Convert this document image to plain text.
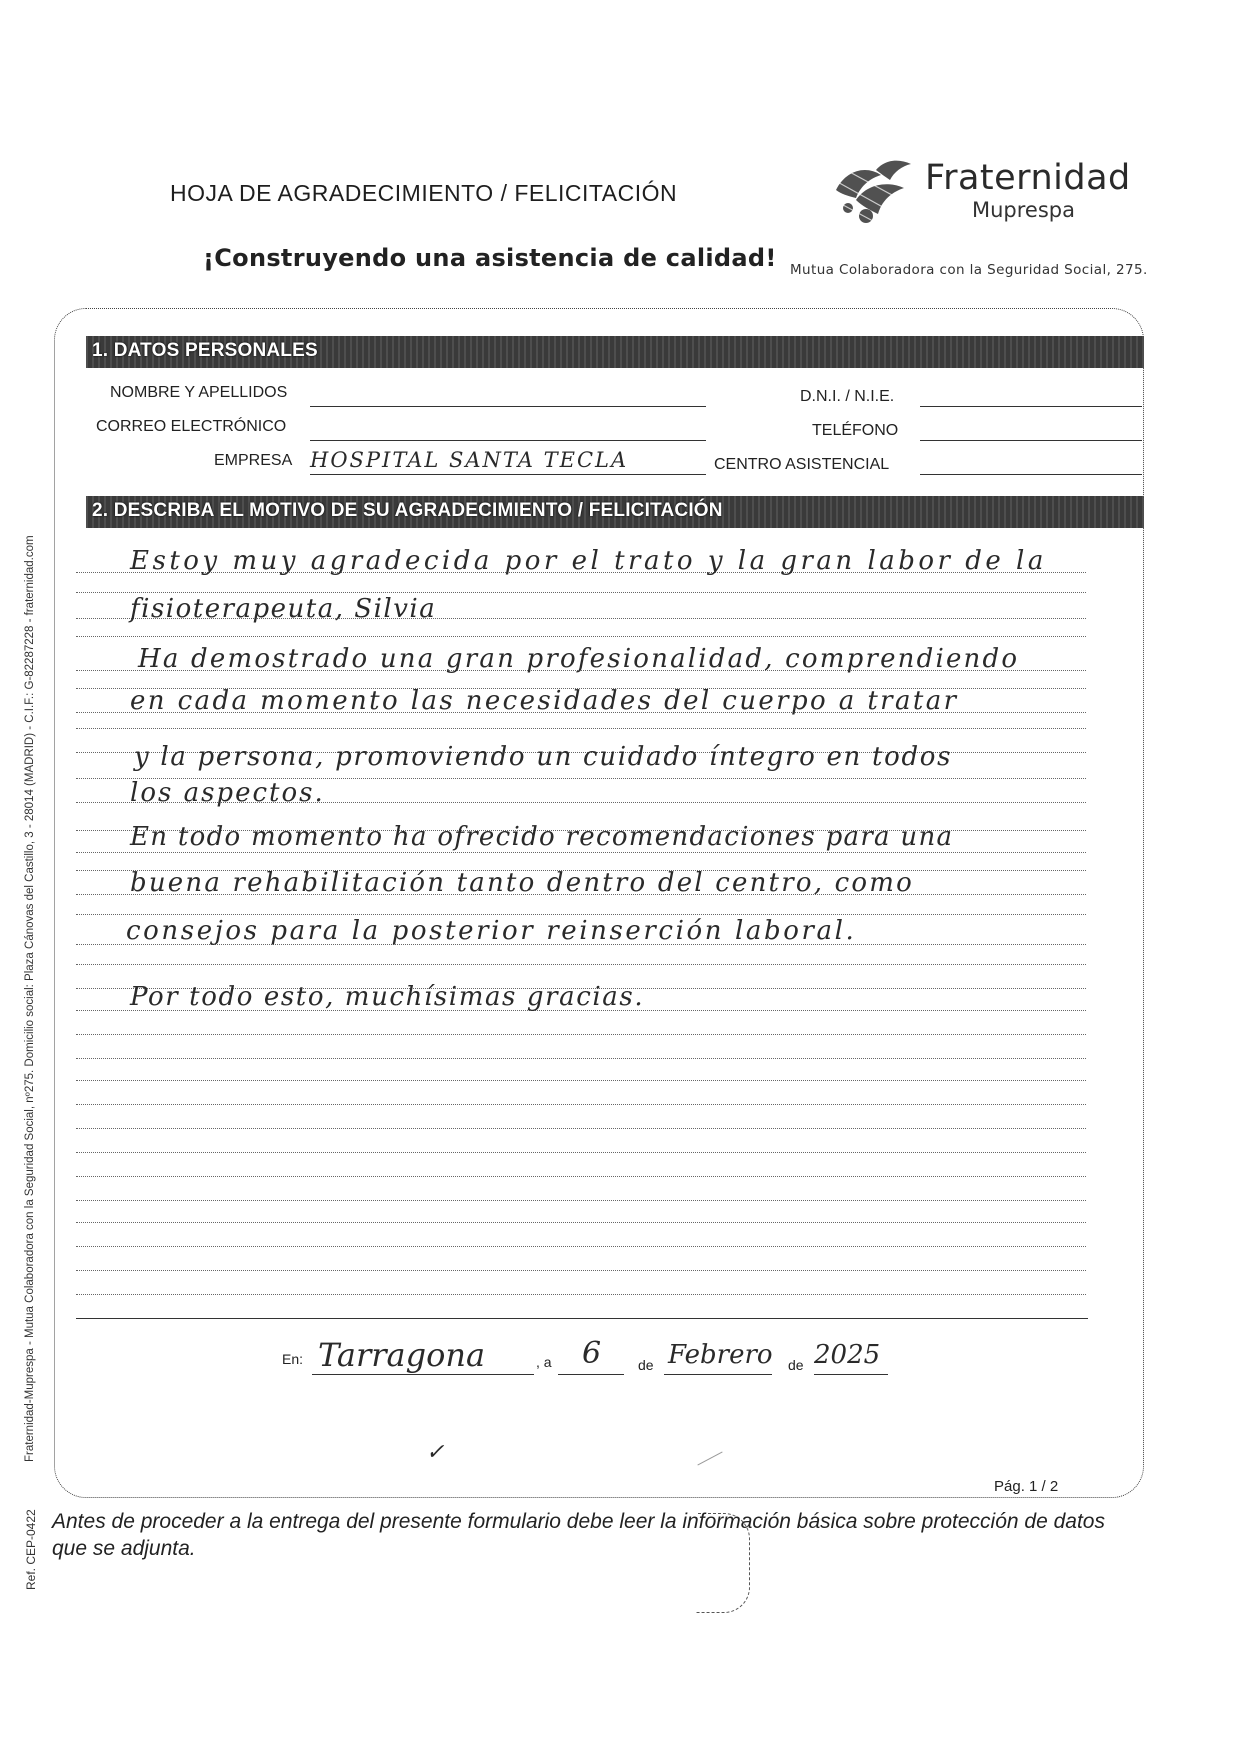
HOJA DE AGRADECIMIENTO / FELICITACIÓN
¡Construyendo una asistencia de calidad!
Fraternidad
Muprespa
Mutua Colaboradora con la Seguridad Social, 275.
1. DATOS PERSONALES
NOMBRE Y APELLIDOS	D.N.I. / N.I.E.
CORREO ELECTRÓNICO	TELÉFONO
EMPRESA HOSPITAL SANTA TECLA	CENTRO ASISTENCIAL
2. DESCRIBA EL MOTIVO DE SU AGRADECIMIENTO / FELICITACIÓN
Estoy muy agradecida por el trato y la gran labor de la
fisioterapeuta, Silvia
Ha demostrado una gran profesionalidad, comprendiendo
en cada momento las necesidades del cuerpo a tratar
y la persona, promoviendo un cuidado íntegro en todos
los aspectos.
En todo momento ha ofrecido recomendaciones para una
buena rehabilitación tanto dentro del centro, como
consejos para la posterior reinserción laboral.
Por todo esto, muchísimas gracias.
En: Tarragona	, a 6	de Febrero de 2025
✓
Pág. 1 / 2
Antes de proceder a la entrega del presente formulario debe leer la información básica sobre protección de datos que se adjunta.
Fraternidad-Muprespa - Mutua Colaboradora con la Seguridad Social, nº275. Domicilio social: Plaza Cánovas del Castillo, 3 - 28014 (MADRID) - C.I.F.: G-82287228 - fraternidad.com
Ref. CEP-0422
